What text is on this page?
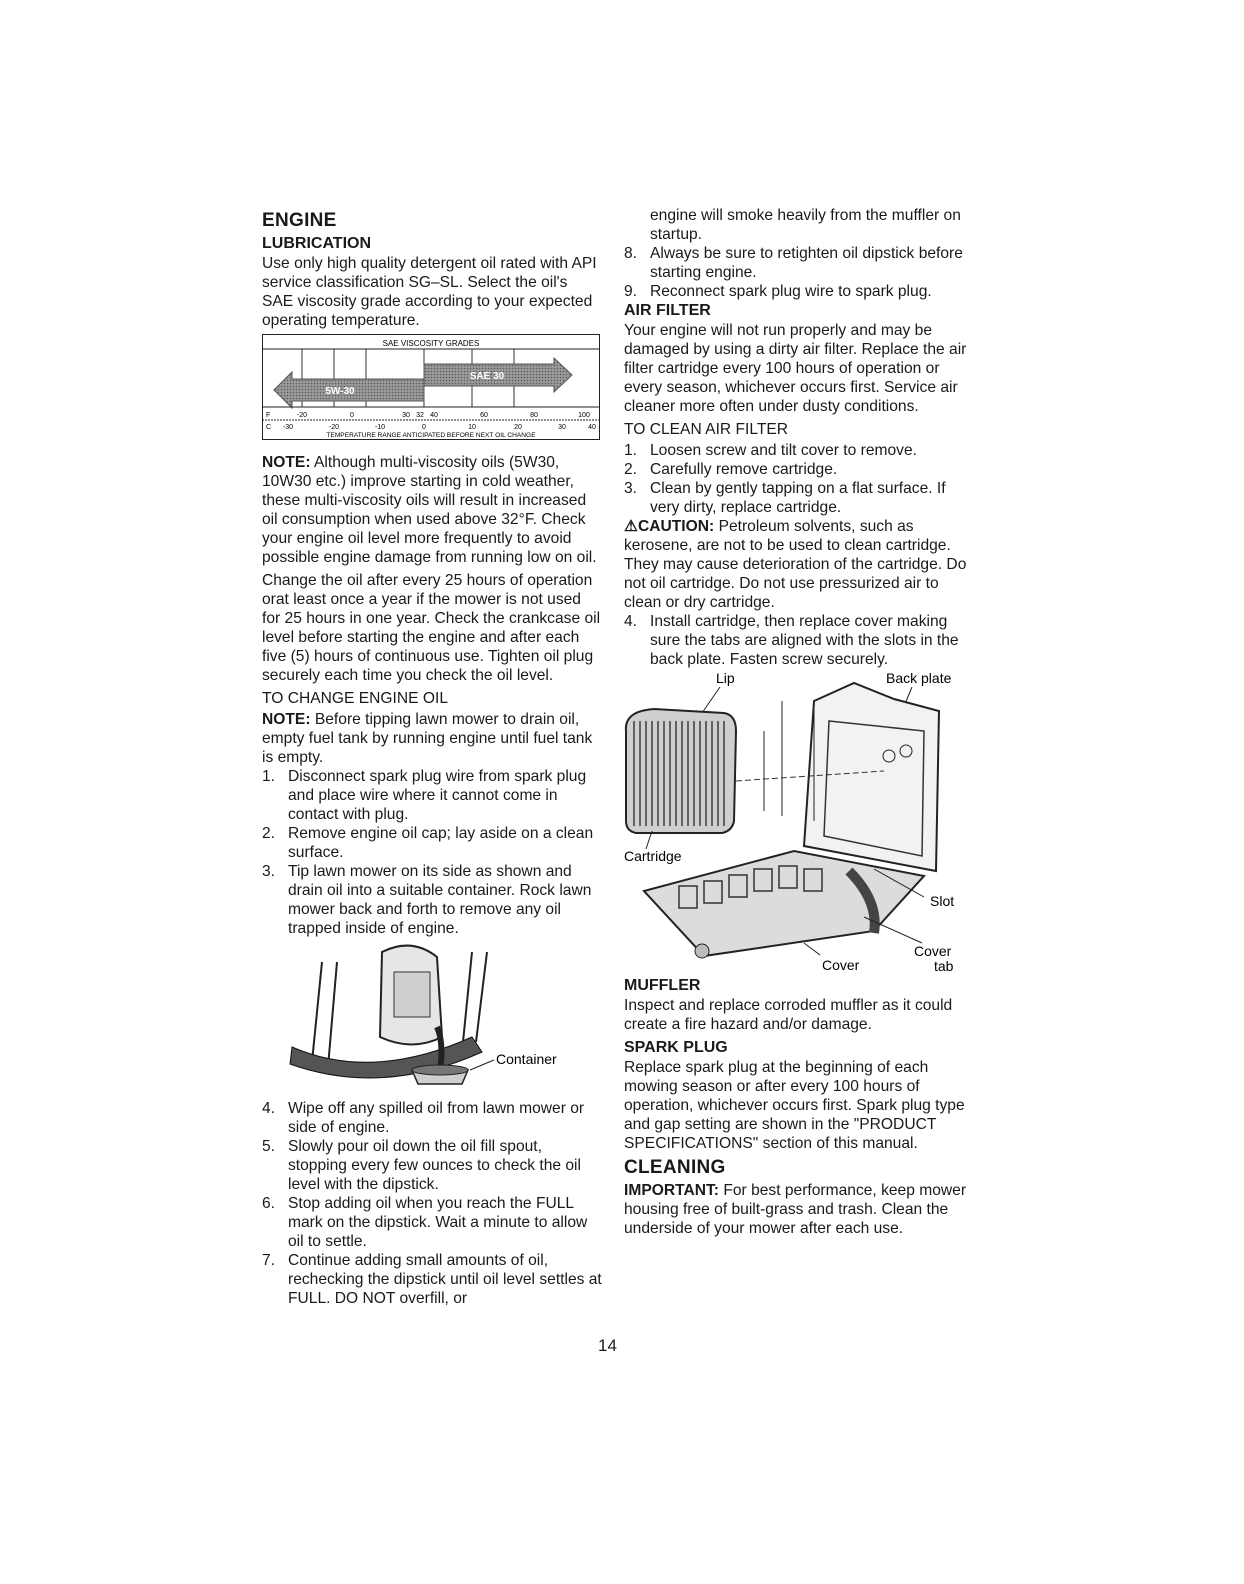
ENGINE
LUBRICATION

Use only high quality detergent oil rated with API service classification SG–SL. Select the oil's SAE viscosity grade according to your expected operating temperature.

SAE VISCOSITY GRADES
SAE 30
5W-30
F	-20	0	30 32 40	60	80	100
C -30	-20	-10	0	10	20	30	40
TEMPERATURE RANGE ANTICIPATED BEFORE NEXT OIL CHANGE

NOTE: Although multi-viscosity oils (5W30, 10W30 etc.) improve starting in cold weather, these multi-viscosity oils will result in increased oil consumption when used above 32°F. Check your engine oil level more frequently to avoid possible engine damage from running low on oil.

Change the oil after every 25 hours of operation orat least once a year if the mower is not used for 25 hours in one year. Check the crankcase oil level before starting the engine and after each five (5) hours of continuous use. Tighten oil plug securely each time you check the oil level.

TO CHANGE ENGINE OIL

NOTE: Before tipping lawn mower to drain oil, empty fuel tank by running engine until fuel tank is empty.

1. Disconnect spark plug wire from spark plug and place wire where it cannot come in contact with plug.
2. Remove engine oil cap; lay aside on a clean surface.
3. Tip lawn mower on its side as shown and drain oil into a suitable container. Rock lawn mower back and forth to remove any oil trapped inside of engine.
Container
4. Wipe off any spilled oil from lawn mower or side of engine.
5. Slowly pour oil down the oil fill spout, stopping every few ounces to check the oil level with the dipstick.
6. Stop adding oil when you reach the FULL mark on the dipstick. Wait a minute to allow oil to settle.
7. Continue adding small amounts of oil, rechecking the dipstick until oil level settles at FULL. DO NOT overfill, or

engine will smoke heavily from the muffler on startup.

8. Always be sure to retighten oil dipstick before starting engine.
9. Reconnect spark plug wire to spark plug.
AIR FILTER

Your engine will not run properly and may be damaged by using a dirty air filter. Replace the air filter cartridge every 100 hours of operation or every season, whichever occurs first. Service air cleaner more often under dusty conditions.

TO CLEAN AIR FILTER
1. Loosen screw and tilt cover to remove.
2. Carefully remove cartridge.
3. Clean by gently tapping on a flat surface. If very dirty, replace cartridge.

⚠CAUTION: Petroleum solvents, such as kerosene, are not to be used to clean cartridge. They may cause deterioration of the cartridge. Do not oil cartridge. Do not use pressurized air to clean or dry cartridge.

4. Install cartridge, then replace cover making sure the tabs are aligned with the slots in the back plate. Fasten screw securely.
Lip	Back plate
Cartridge
Slot
Cover
tab
Cover
MUFFLER

Inspect and replace corroded muffler as it could create a fire hazard and/or damage.

SPARK PLUG

Replace spark plug at the beginning of each mowing season or after every 100 hours of operation, whichever occurs first. Spark plug type and gap setting are shown in the "PRODUCT SPECIFICATIONS" section of this manual.

CLEANING

IMPORTANT: For best performance, keep mower housing free of built-grass and trash. Clean the underside of your mower after each use.

14
